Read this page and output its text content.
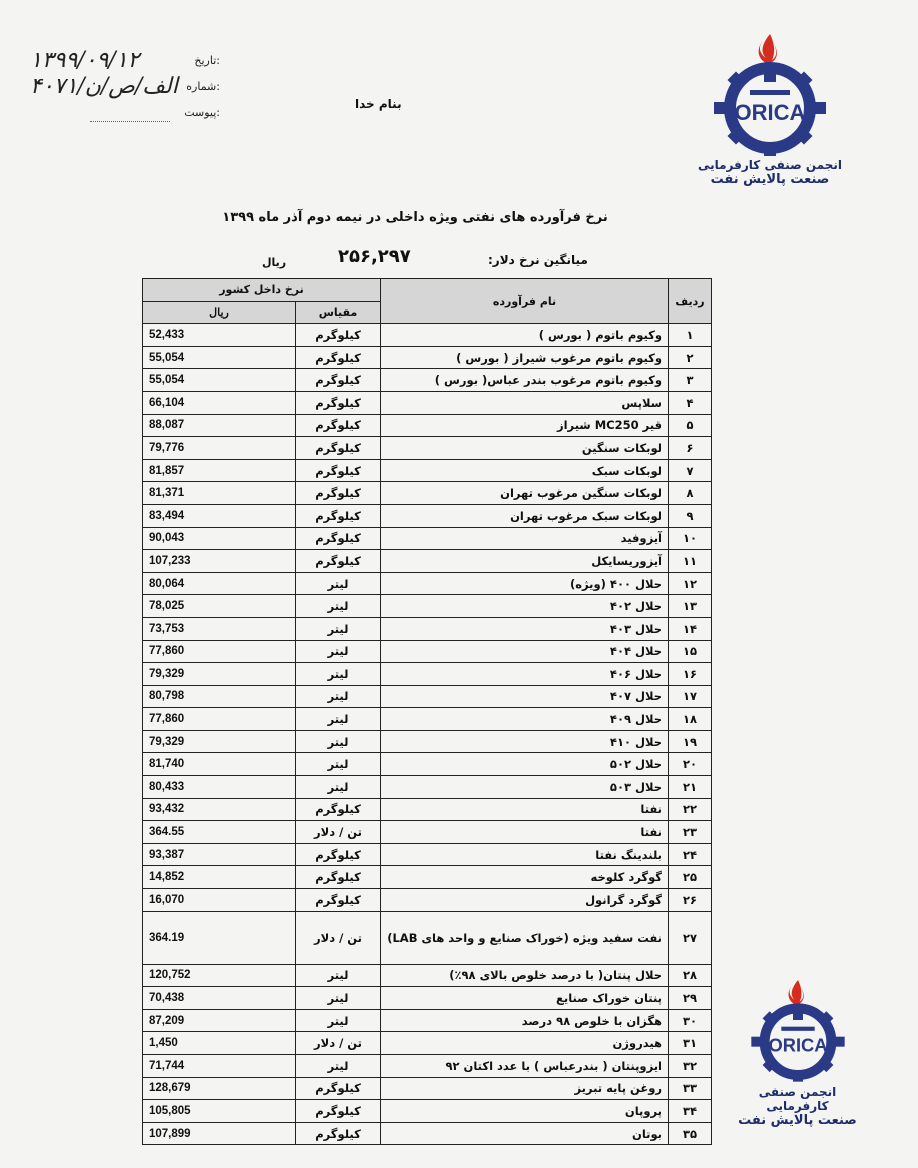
۱۳۹۹/۰۹/۱۲	تاریخ:
۴۰۷۱/الف/ص/ن شماره:
پیوست:
بنام خدا	ORICA
انجمن صنفی کارفرمایی
صنعت پالایش نفت
نرخ فرآورده های نفتی ویژه داخلی در نیمه دوم آذر ماه ۱۳۹۹
میانگین نرخ دلار:
۲۵۶,۲۹۷
ریال
نرخ داخل کشور		نام فرآورده	ردیف
ریال	مقیاس		
52,433	کیلوگرم	وکیوم باتوم ( بورس )	۱
55,054	کیلوگرم	وکیوم باتوم مرغوب شیراز ( بورس )	۲
55,054	کیلوگرم	وکیوم باتوم مرغوب بندر عباس( بورس )	۳
66,104	کیلوگرم	سلاپس	۴
88,087	کیلوگرم	قیر MC250 شیراز	۵
79,776	کیلوگرم	لوبکات سنگین	۶
81,857	کیلوگرم	لوبکات سبک	۷
81,371	کیلوگرم	لوبکات سنگین مرغوب تهران	۸
83,494	کیلوگرم	لوبکات سبک مرغوب تهران	۹
90,043	کیلوگرم	آیزوفید	۱۰
107,233	کیلوگرم	آیزوریسایکل	۱۱
80,064	لیتر	حلال ۴۰۰ (ویژه)	۱۲
78,025	لیتر	حلال ۴۰۲	۱۳
73,753	لیتر	حلال ۴۰۳	۱۴
77,860	لیتر	حلال ۴۰۴	۱۵
79,329	لیتر	حلال ۴۰۶	۱۶
80,798	لیتر	حلال ۴۰۷	۱۷
77,860	لیتر	حلال ۴۰۹	۱۸
79,329	لیتر	حلال ۴۱۰	۱۹
81,740	لیتر	حلال ۵۰۲	۲۰
80,433	لیتر	حلال ۵۰۳	۲۱
93,432	کیلوگرم	نفتا	۲۲
364.55	تن / دلار	نفتا	۲۳
93,387	کیلوگرم	بلندینگ نفتا	۲۴
14,852	کیلوگرم	گوگرد کلوخه	۲۵
16,070	کیلوگرم	گوگرد گرانول	۲۶
364.19	تن / دلار	نفت سفید ویژه (خوراک صنایع و واحد های LAB)	۲۷
120,752	لیتر	حلال پنتان( با درصد خلوص بالای ۹۸٪)	۲۸
70,438	لیتر	پنتان خوراک صنایع	۲۹
87,209	لیتر	هگزان با خلوص ۹۸ درصد	۳۰
1,450	تن / دلار	هیدروژن	۳۱
71,744	لیتر	ایزوپنتان ( بندرعباس ) با عدد اکتان ۹۲	۳۲
128,679	کیلوگرم	روغن پایه تبریز	۳۳
105,805	کیلوگرم	پروپان	۳۴
107,899	کیلوگرم	بوتان	۳۵
ORICA
انجمن صنفی کارفرمایی
صنعت پالایش نفت
